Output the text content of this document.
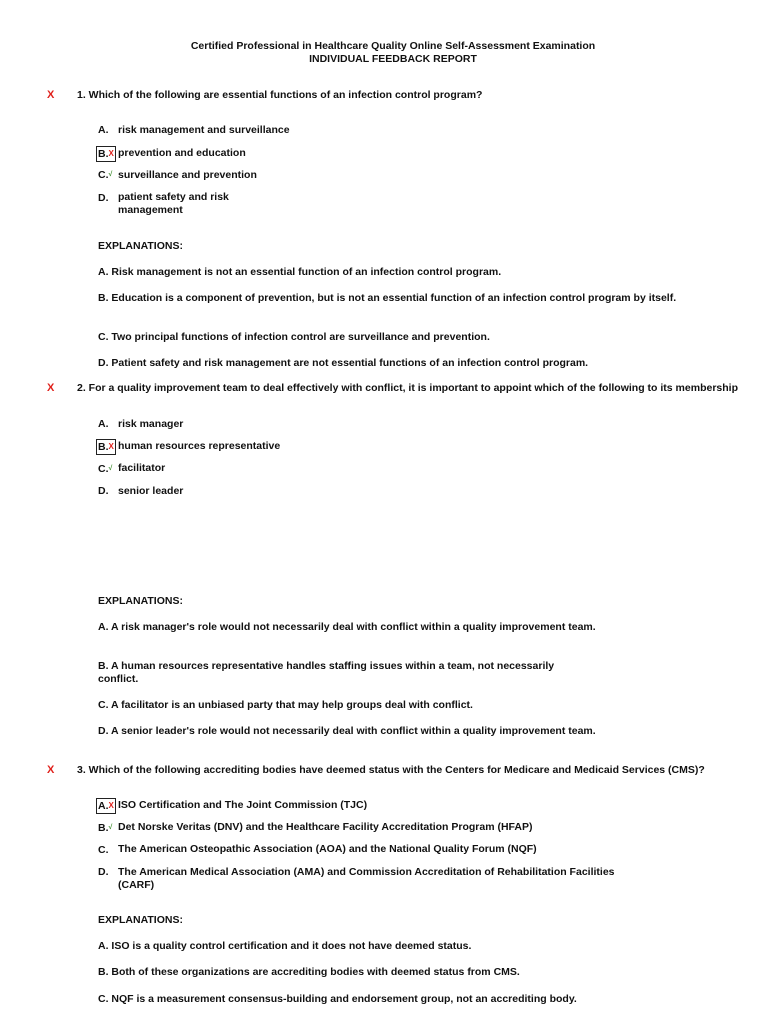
Certified Professional in Healthcare Quality Online Self-Assessment Examination
INDIVIDUAL FEEDBACK REPORT
X 1. Which of the following are essential functions of an infection control program?
A. risk management and surveillance
B.$^X$ prevention and education
C.√ surveillance and prevention
D. patient safety and risk management
EXPLANATIONS:
A. Risk management is not an essential function of an infection control program.
B. Education is a component of prevention, but is not an essential function of an infection control program by itself.
C. Two principal functions of infection control are surveillance and prevention.
D. Patient safety and risk management are not essential functions of an infection control program.
X 2. For a quality improvement team to deal effectively with conflict, it is important to appoint which of the following to its membership
A. risk manager
B.$^X$ human resources representative
C.√ facilitator
D. senior leader
EXPLANATIONS:
A. A risk manager's role would not necessarily deal with conflict within a quality improvement team.
B. A human resources representative handles staffing issues within a team, not necessarily conflict.
C. A facilitator is an unbiased party that may help groups deal with conflict.
D. A senior leader's role would not necessarily deal with conflict within a quality improvement team.
X 3. Which of the following accrediting bodies have deemed status with the Centers for Medicare and Medicaid Services (CMS)?
A.$^X$ ISO Certification and The Joint Commission (TJC)
B.√ Det Norske Veritas (DNV) and the Healthcare Facility Accreditation Program (HFAP)
C. The American Osteopathic Association (AOA) and the National Quality Forum (NQF)
D. The American Medical Association (AMA) and Commission Accreditation of Rehabilitation Facilities (CARF)
EXPLANATIONS:
A. ISO is a quality control certification and it does not have deemed status.
B. Both of these organizations are accrediting bodies with deemed status from CMS.
C. NQF is a measurement consensus-building and endorsement group, not an accrediting body.
